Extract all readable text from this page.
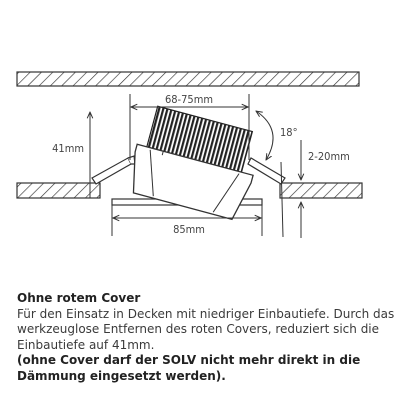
68-75mm
41mm
18°
2-20mm
85mm
Ohne rotem Cover
Für den Einsatz in Decken mit niedriger Einbautiefe. Durch das werkzeuglose Entfernen des roten Covers, reduziert sich die Einbautiefe auf 41mm.
(ohne Cover darf der SOLV nicht mehr direkt in die Dämmung eingesetzt werden).
